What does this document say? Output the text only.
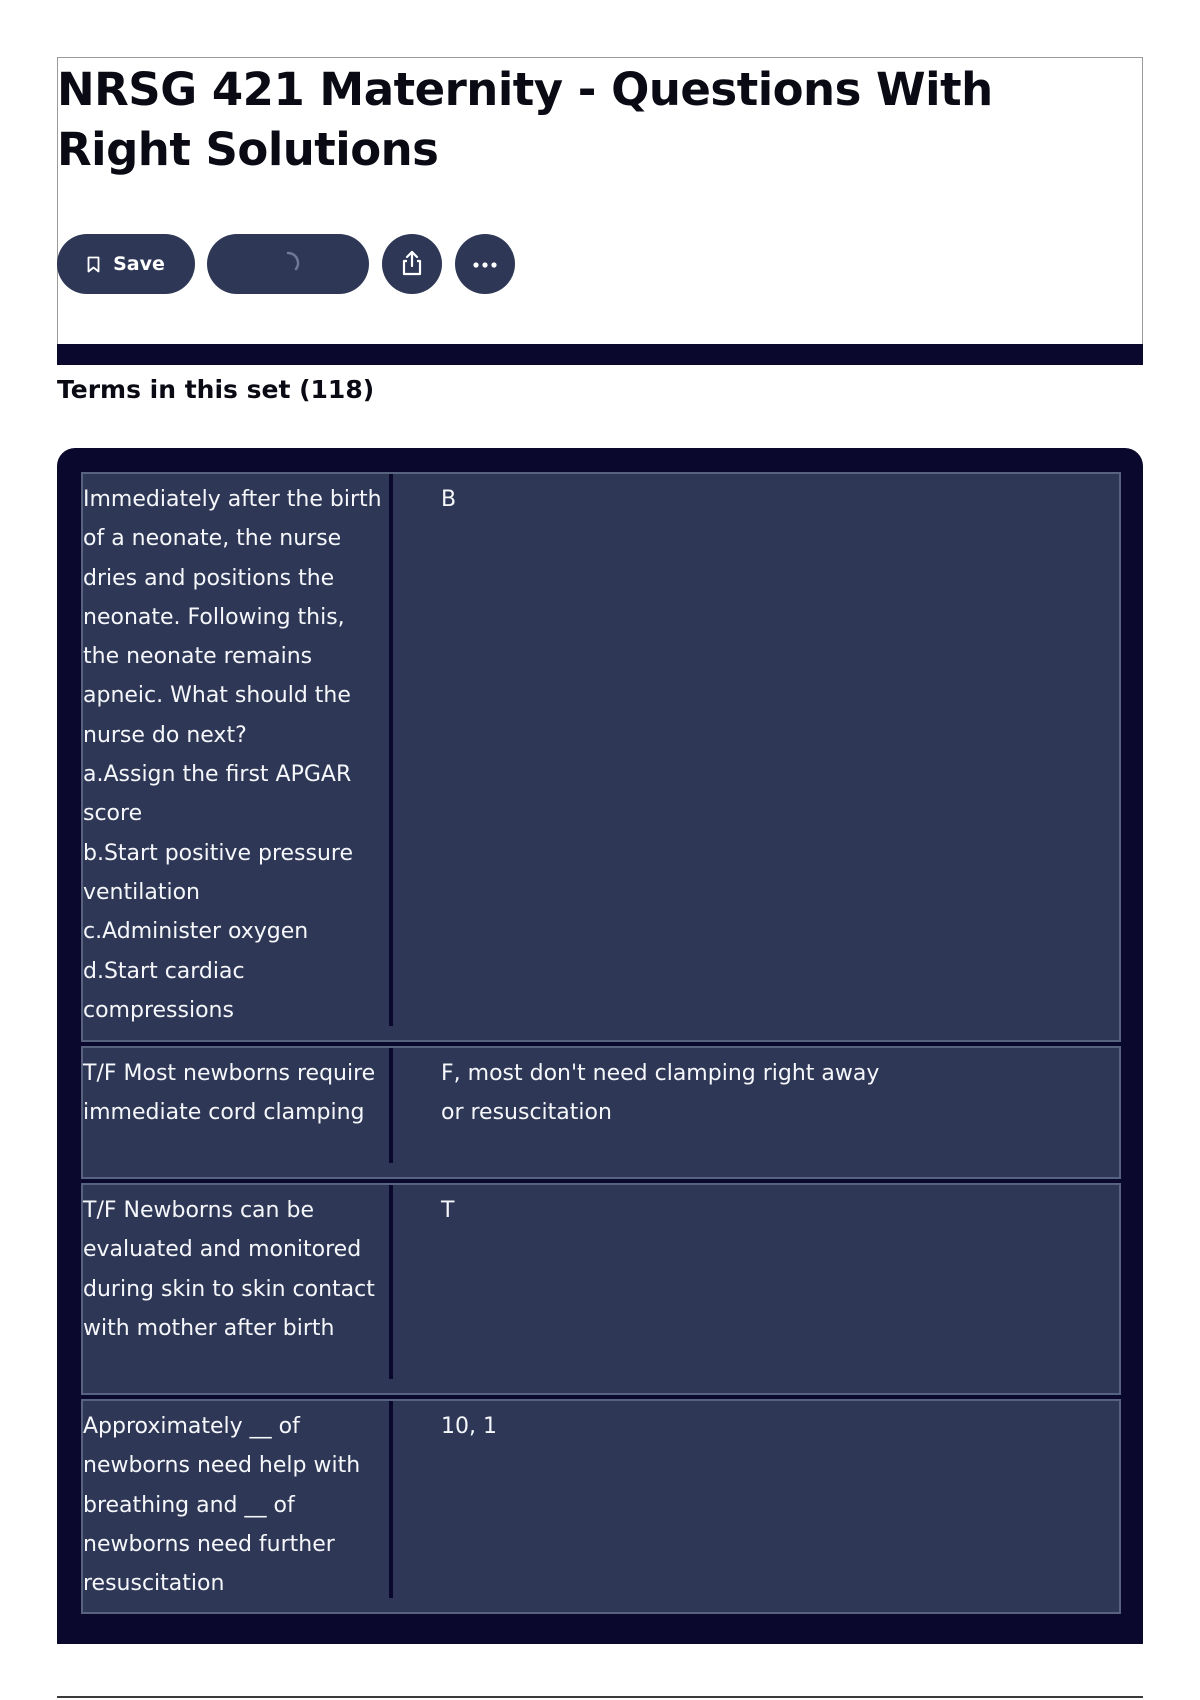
NRSG 421 Maternity - Questions With Right Solutions
Save
Terms in this set (118)
Immediately after the birth of a neonate, the nurse dries and positions the neonate. Following this, the neonate remains apneic. What should the nurse do next?
a.Assign the first APGAR score
b.Start positive pressure ventilation
c.Administer oxygen
d.Start cardiac compressions
B
T/F Most newborns require immediate cord clamping
F, most don't need clamping right away or resuscitation
T/F Newborns can be evaluated and monitored during skin to skin contact with mother after birth
T
Approximately __ of newborns need help with breathing and __ of newborns need further resuscitation
10, 1
